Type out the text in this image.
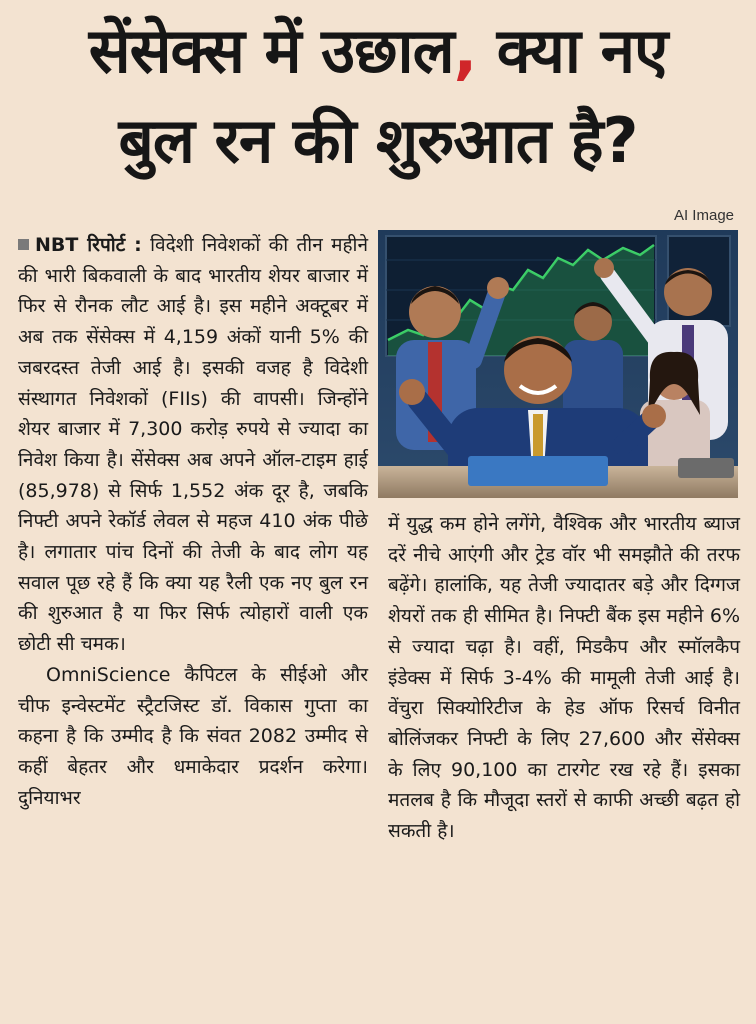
सेंसेक्स में उछाल, क्या नए
बुल रन की शुरुआत है?
AI Image

NBT रिपोर्ट : विदेशी निवेशकों की तीन महीने की भारी बिकवाली के बाद भारतीय शेयर बाजार में फिर से रौनक लौट आई है। इस महीने अक्टूबर में अब तक सेंसेक्स में 4,159 अंकों यानी 5% की जबरदस्त तेजी आई है। इसकी वजह है विदेशी संस्थागत निवेशकों (FIIs) की वापसी। जिन्होंने शेयर बाजार में 7,300 करोड़ रुपये से ज्यादा का निवेश किया है। सेंसेक्स अब अपने ऑल-टाइम हाई (85,978) से सिर्फ 1,552 अंक दूर है, जबकि निफ्टी अपने रेकॉर्ड लेवल से महज 410 अंक पीछे है। लगातार पांच दिनों की तेजी के बाद लोग यह सवाल पूछ रहे हैं कि क्या यह रैली एक नए बुल रन की शुरुआत है या फिर सिर्फ त्योहारों वाली एक छोटी सी चमक।

OmniScience कैपिटल के सीईओ और चीफ इन्वेस्टमेंट स्ट्रैटजिस्ट डॉ. विकास गुप्ता का कहना है कि उम्मीद है कि संवत 2082 उम्मीद से कहीं बेहतर और धमाकेदार प्रदर्शन करेगा। दुनियाभर

में युद्ध कम होने लगेंगे, वैश्विक और भारतीय ब्याज दरें नीचे आएंगी और ट्रेड वॉर भी समझौते की तरफ बढ़ेंगे। हालांकि, यह तेजी ज्यादातर बड़े और दिग्गज शेयरों तक ही सीमित है। निफ्टी बैंक इस महीने 6% से ज्यादा चढ़ा है। वहीं, मिडकैप और स्मॉलकैप इंडेक्स में सिर्फ 3-4% की मामूली तेजी आई है। वेंचुरा सिक्योरिटीज के हेड ऑफ रिसर्च विनीत बोलिंजकर निफ्टी के लिए 27,600 और सेंसेक्स के लिए 90,100 का टारगेट रख रहे हैं। इसका मतलब है कि मौजूदा स्तरों से काफी अच्छी बढ़त हो सकती है।
